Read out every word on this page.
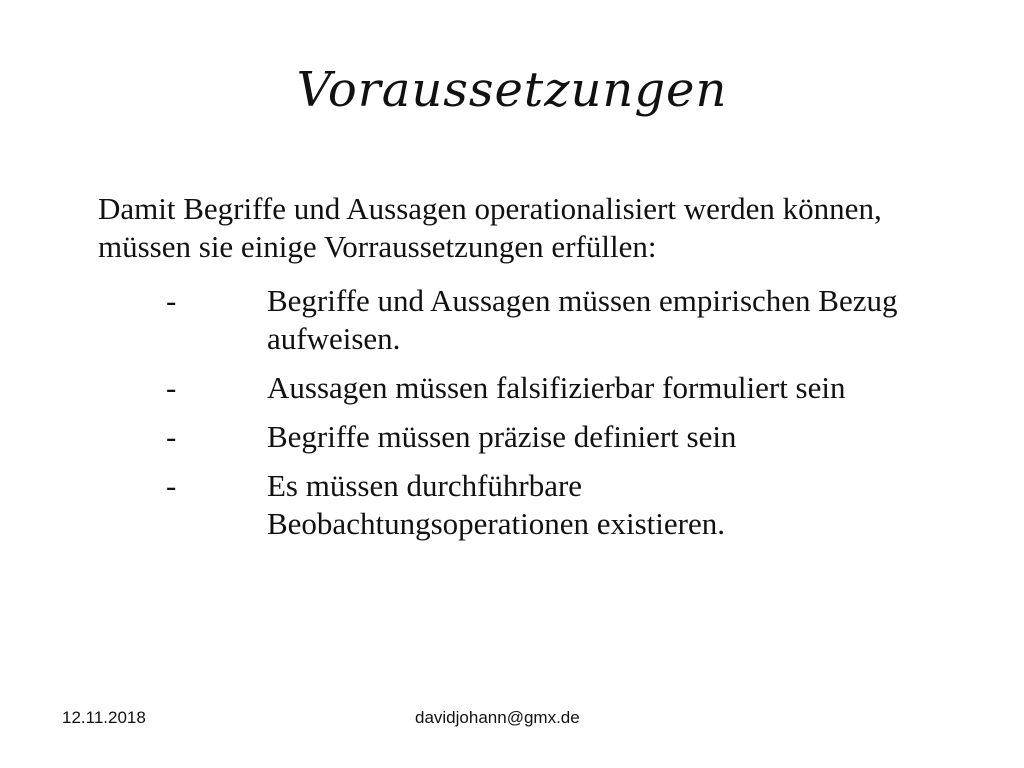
Voraussetzungen
Damit Begriffe und Aussagen operationalisiert werden können, müssen sie einige Vorraussetzungen erfüllen:
-	Begriffe und Aussagen müssen empirischen Bezug aufweisen.
-	Aussagen müssen falsifizierbar formuliert sein
-	Begriffe müssen präzise definiert sein
-	Es müssen durchführbare Beobachtungsoperationen existieren.
12.11.2018	davidjohann@gmx.de
